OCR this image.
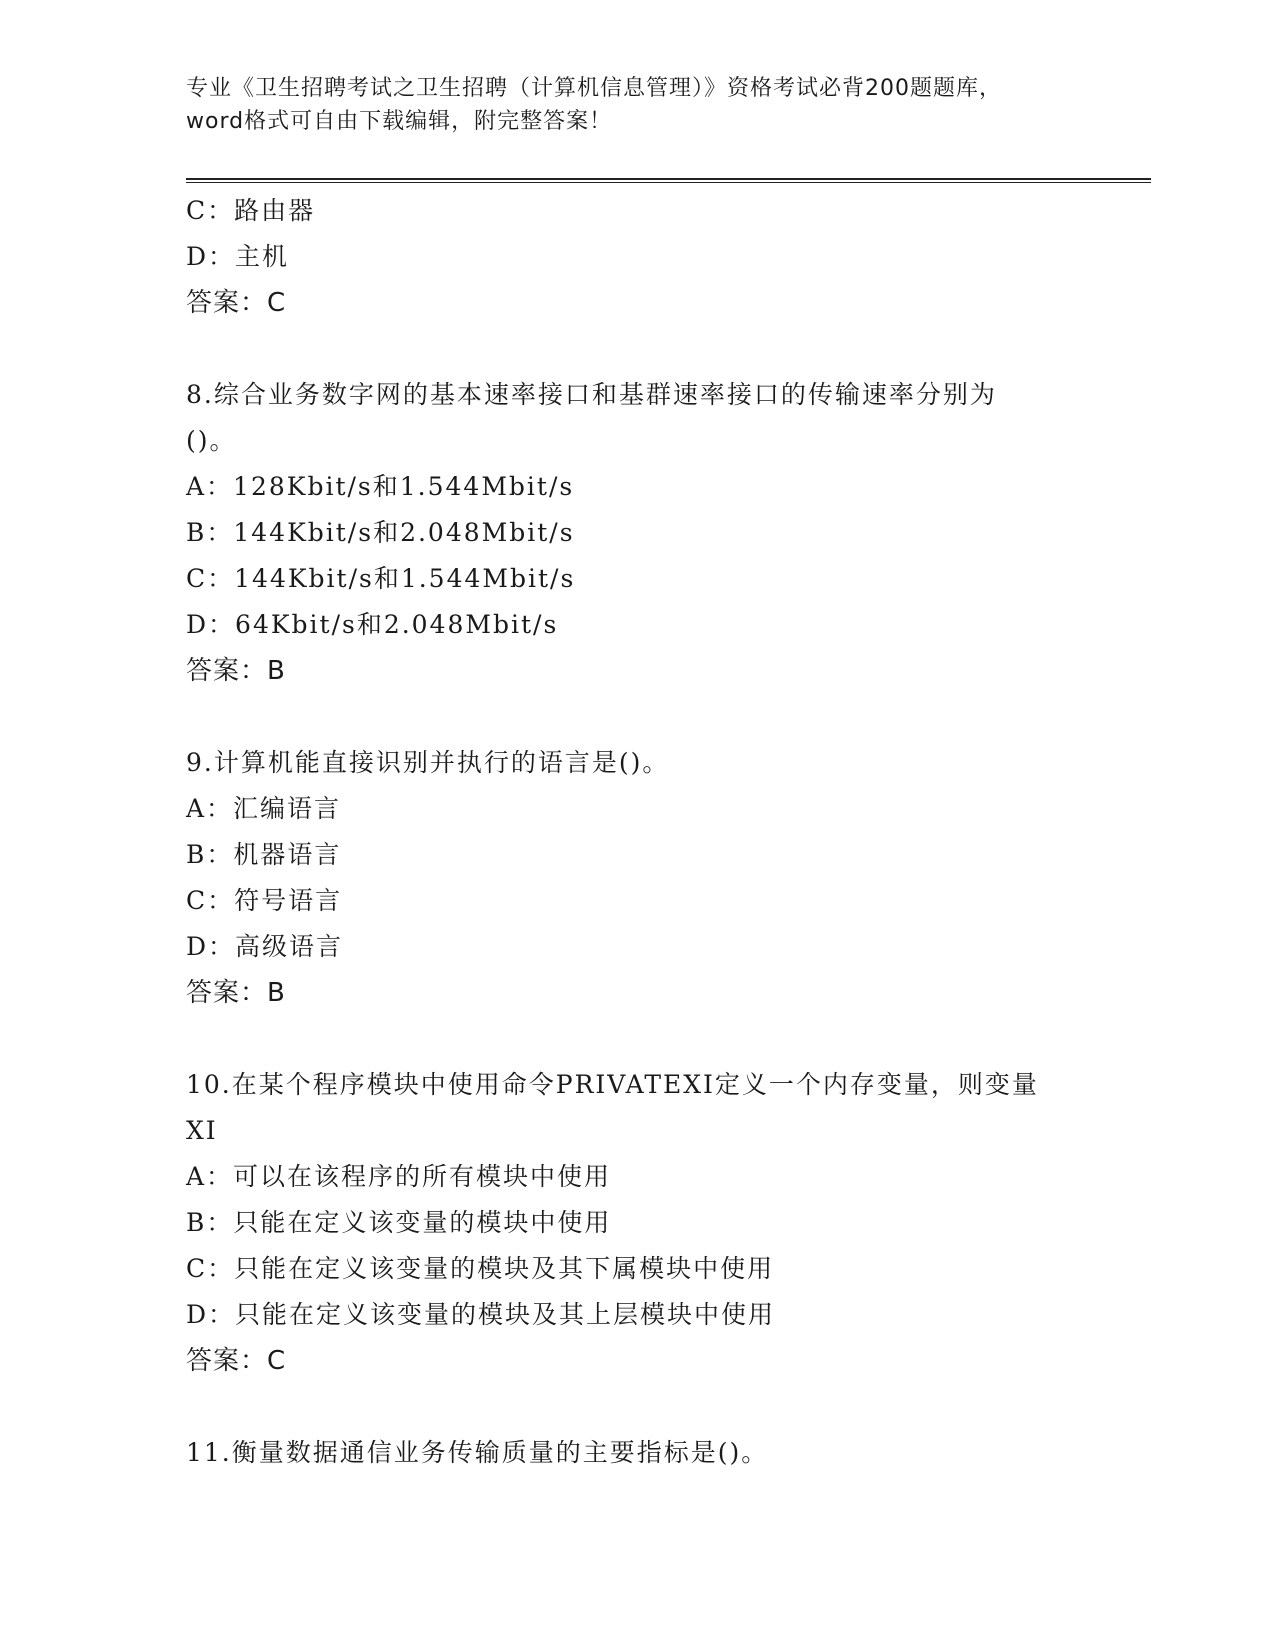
专业《卫生招聘考试之卫生招聘（计算机信息管理）》资格考试必背200题题库，
word格式可自由下载编辑，附完整答案！
C：路由器
D：主机
答案：C
8.综合业务数字网的基本速率接口和基群速率接口的传输速率分别为
()。
A：128Kbit/s和1.544Mbit/s
B：144Kbit/s和2.048Mbit/s
C：144Kbit/s和1.544Mbit/s
D：64Kbit/s和2.048Mbit/s
答案：B
9.计算机能直接识别并执行的语言是()。
A：汇编语言
B：机器语言
C：符号语言
D：高级语言
答案：B
10.在某个程序模块中使用命令PRIVATEXI定义一个内存变量，则变量
XI
A：可以在该程序的所有模块中使用
B：只能在定义该变量的模块中使用
C：只能在定义该变量的模块及其下属模块中使用
D：只能在定义该变量的模块及其上层模块中使用
答案：C
11.衡量数据通信业务传输质量的主要指标是()。
